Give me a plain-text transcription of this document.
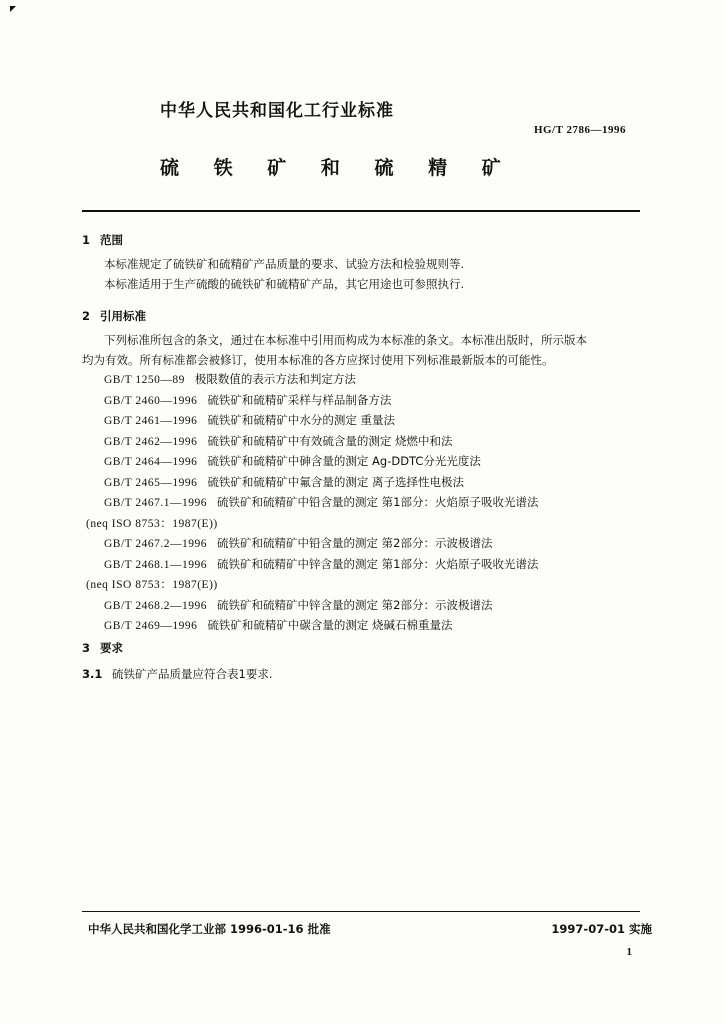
中华人民共和国化工行业标准
HG/T 2786—1996
硫 铁 矿 和 硫 精 矿
1 范围
本标准规定了硫铁矿和硫精矿产品质量的要求、试验方法和检验规则等.
本标准适用于生产硫酸的硫铁矿和硫精矿产品，其它用途也可参照执行.
2 引用标准
下列标准所包含的条文，通过在本标准中引用而构成为本标准的条文。本标准出版时，所示版本
均为有效。所有标准都会被修订，使用本标准的各方应探讨使用下列标准最新版本的可能性。
GB/T 1250—89 极限数值的表示方法和判定方法
GB/T 2460—1996 硫铁矿和硫精矿采样与样品制备方法
GB/T 2461—1996 硫铁矿和硫精矿中水分的测定 重量法
GB/T 2462—1996 硫铁矿和硫精矿中有效硫含量的测定 烧燃中和法
GB/T 2464—1996 硫铁矿和硫精矿中砷含量的测定 Ag-DDTC分光光度法
GB/T 2465—1996 硫铁矿和硫精矿中氟含量的测定 离子选择性电极法
GB/T 2467.1—1996 硫铁矿和硫精矿中铅含量的测定 第1部分：火焰原子吸收光谱法
(neq ISO 8753：1987(E))
GB/T 2467.2—1996 硫铁矿和硫精矿中铅含量的测定 第2部分：示波极谱法
GB/T 2468.1—1996 硫铁矿和硫精矿中锌含量的测定 第1部分：火焰原子吸收光谱法
(neq ISO 8753：1987(E))
GB/T 2468.2—1996 硫铁矿和硫精矿中锌含量的测定 第2部分：示波极谱法
GB/T 2469—1996 硫铁矿和硫精矿中碳含量的测定 烧碱石棉重量法
3 要求
3.1 硫铁矿产品质量应符合表1要求.
中华人民共和国化学工业部 1996-01-16 批准	1997-07-01 实施
1
